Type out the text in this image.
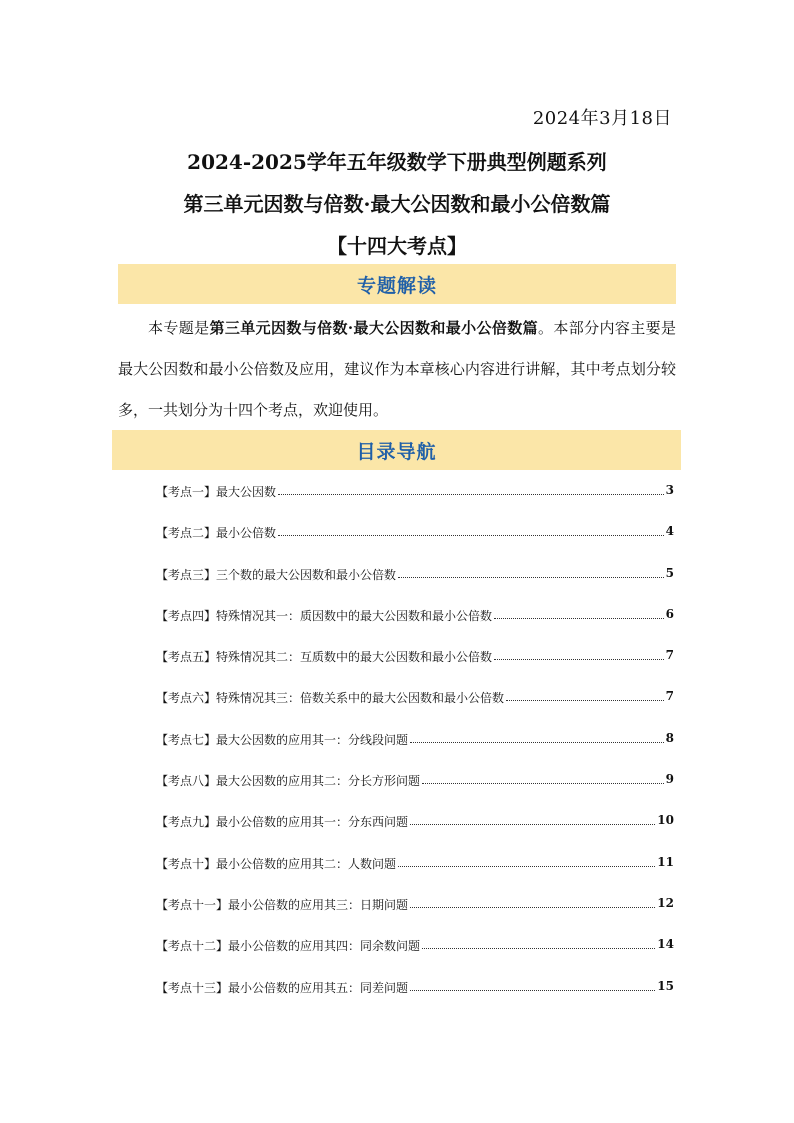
2024年3月18日
2024-2025学年五年级数学下册典型例题系列
第三单元因数与倍数·最大公因数和最小公倍数篇
【十四大考点】
专题解读
本专题是第三单元因数与倍数·最大公因数和最小公倍数篇。本部分内容主要是最大公因数和最小公倍数及应用，建议作为本章核心内容进行讲解，其中考点划分较多，一共划分为十四个考点，欢迎使用。
目录导航
【考点一】最大公因数	3
【考点二】最小公倍数	4
【考点三】三个数的最大公因数和最小公倍数	5
【考点四】特殊情况其一：质因数中的最大公因数和最小公倍数	6
【考点五】特殊情况其二：互质数中的最大公因数和最小公倍数	7
【考点六】特殊情况其三：倍数关系中的最大公因数和最小公倍数	7
【考点七】最大公因数的应用其一：分线段问题	8
【考点八】最大公因数的应用其二：分长方形问题	9
【考点九】最小公倍数的应用其一：分东西问题	10
【考点十】最小公倍数的应用其二：人数问题	11
【考点十一】最小公倍数的应用其三：日期问题	12
【考点十二】最小公倍数的应用其四：同余数问题	14
【考点十三】最小公倍数的应用其五：同差问题	15
